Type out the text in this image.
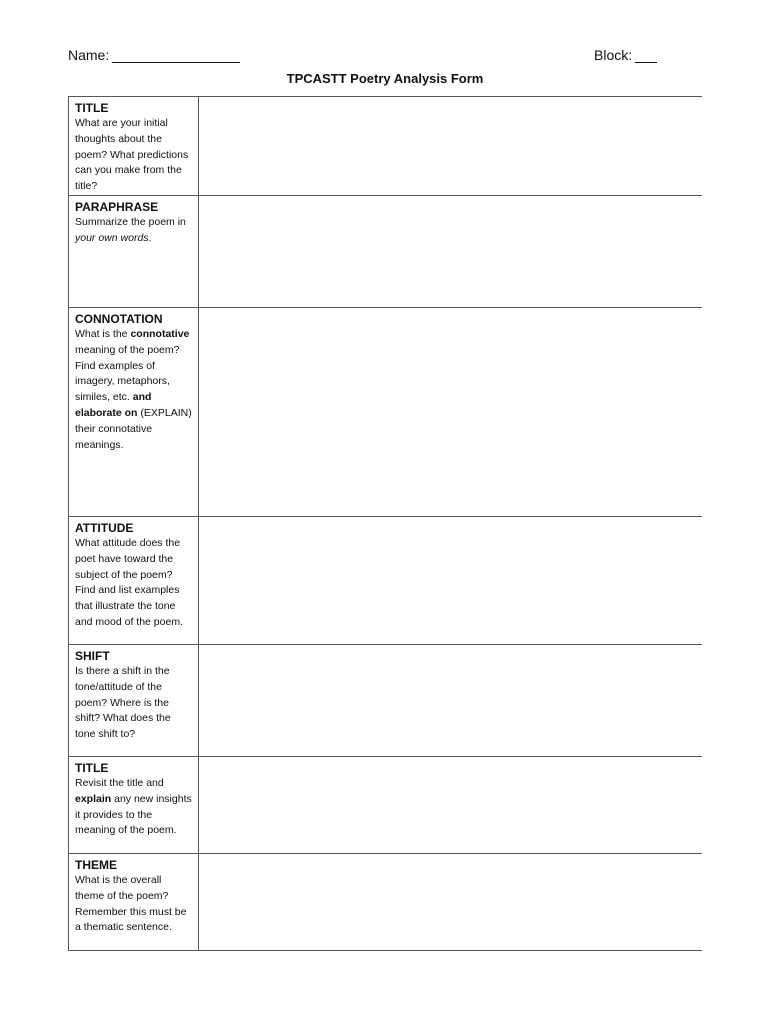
Name:	Block:
TPCASTT Poetry Analysis Form
TITLE
What are your initial thoughts about the poem? What predictions can you make from the title?	

PARAPHRASE
Summarize the poem in your own words.	

CONNOTATION
What is the connotative meaning of the poem? Find examples of imagery, metaphors, similes, etc. and elaborate on (EXPLAIN) their connotative meanings.	

ATTITUDE
What attitude does the poet have toward the subject of the poem? Find and list examples that illustrate the tone and mood of the poem.	

SHIFT
Is there a shift in the tone/attitude of the poem? Where is the shift? What does the tone shift to?	

TITLE
Revisit the title and explain any new insights it provides to the meaning of the poem.	

THEME
What is the overall theme of the poem? Remember this must be a thematic sentence.	
